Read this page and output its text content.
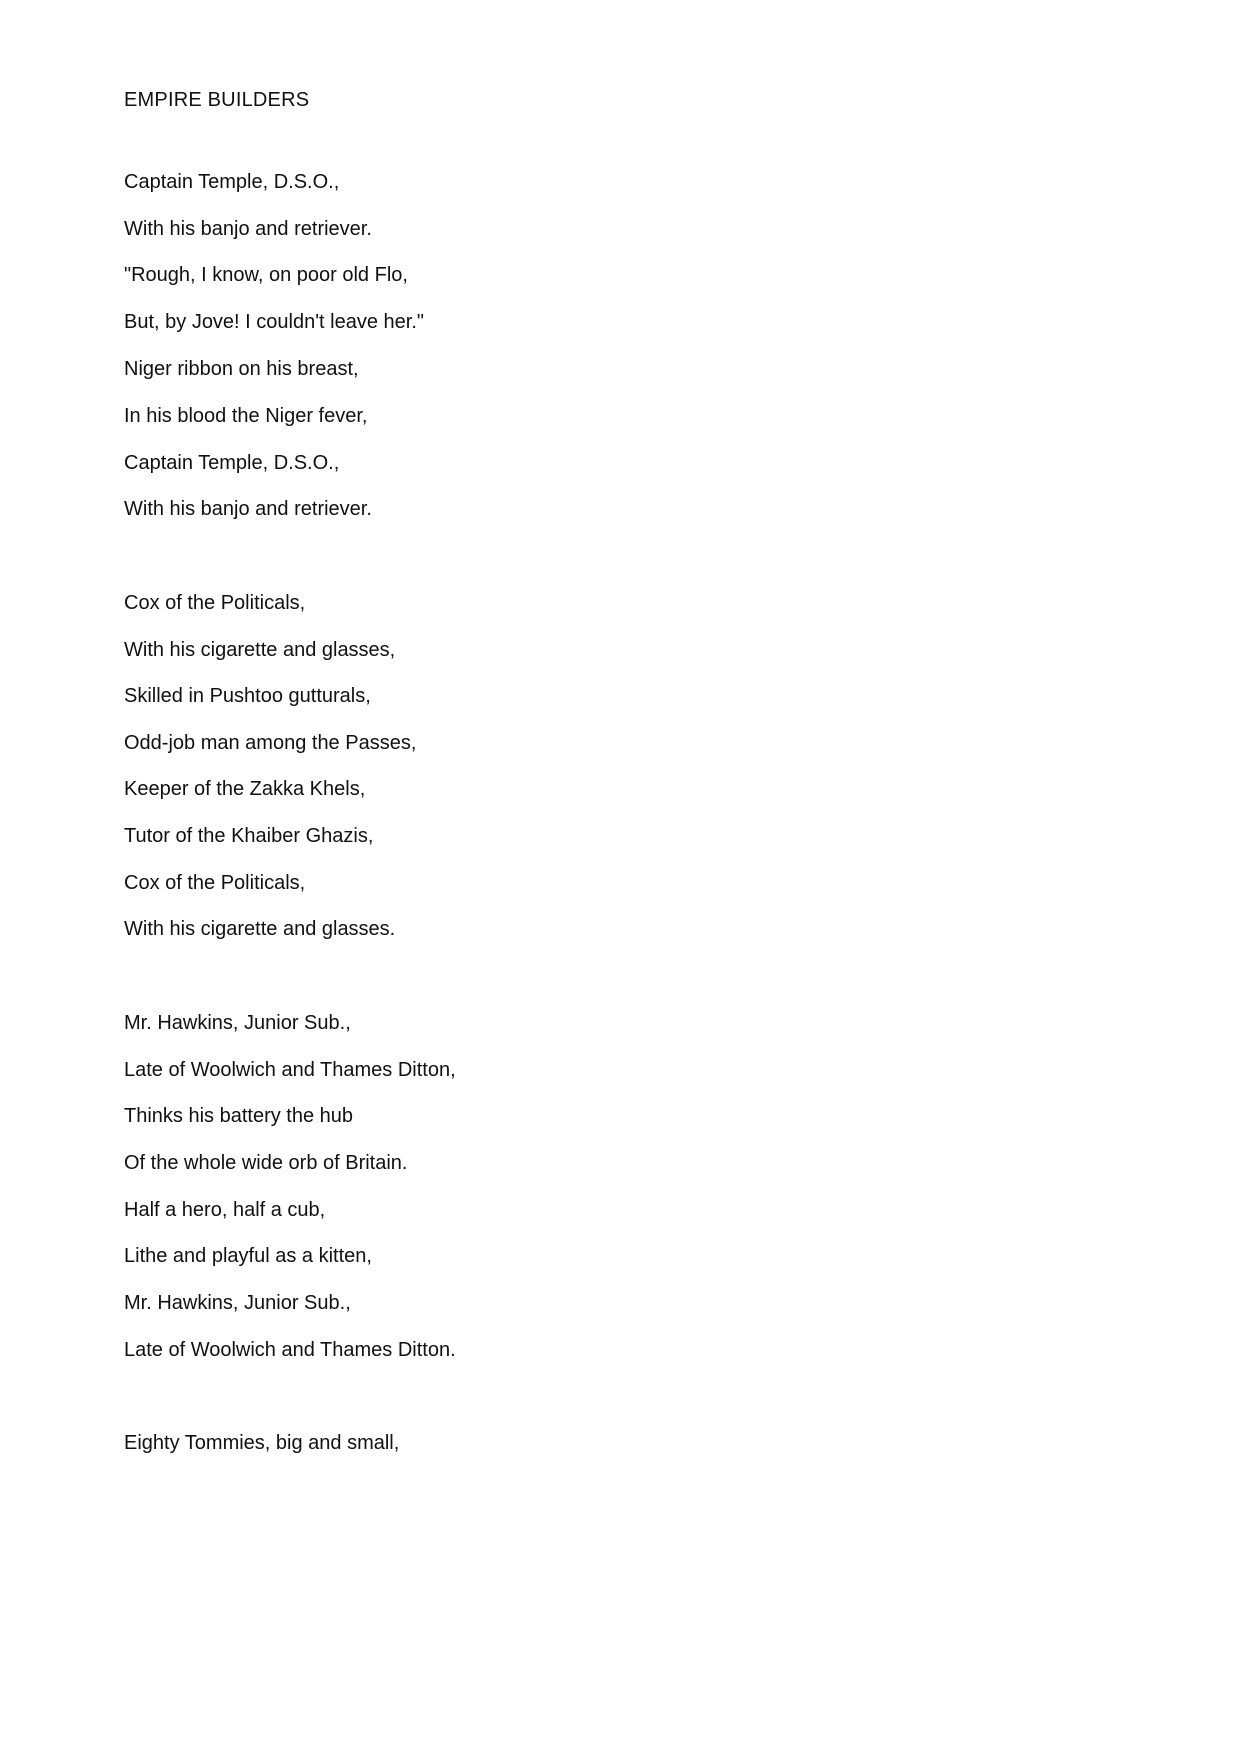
EMPIRE BUILDERS
Captain Temple, D.S.O.,
With his banjo and retriever.
"Rough, I know, on poor old Flo,
But, by Jove! I couldn't leave her."
Niger ribbon on his breast,
In his blood the Niger fever,
Captain Temple, D.S.O.,
With his banjo and retriever.
Cox of the Politicals,
With his cigarette and glasses,
Skilled in Pushtoo gutturals,
Odd-job man among the Passes,
Keeper of the Zakka Khels,
Tutor of the Khaiber Ghazis,
Cox of the Politicals,
With his cigarette and glasses.
Mr. Hawkins, Junior Sub.,
Late of Woolwich and Thames Ditton,
Thinks his battery the hub
Of the whole wide orb of Britain.
Half a hero, half a cub,
Lithe and playful as a kitten,
Mr. Hawkins, Junior Sub.,
Late of Woolwich and Thames Ditton.
Eighty Tommies, big and small,
